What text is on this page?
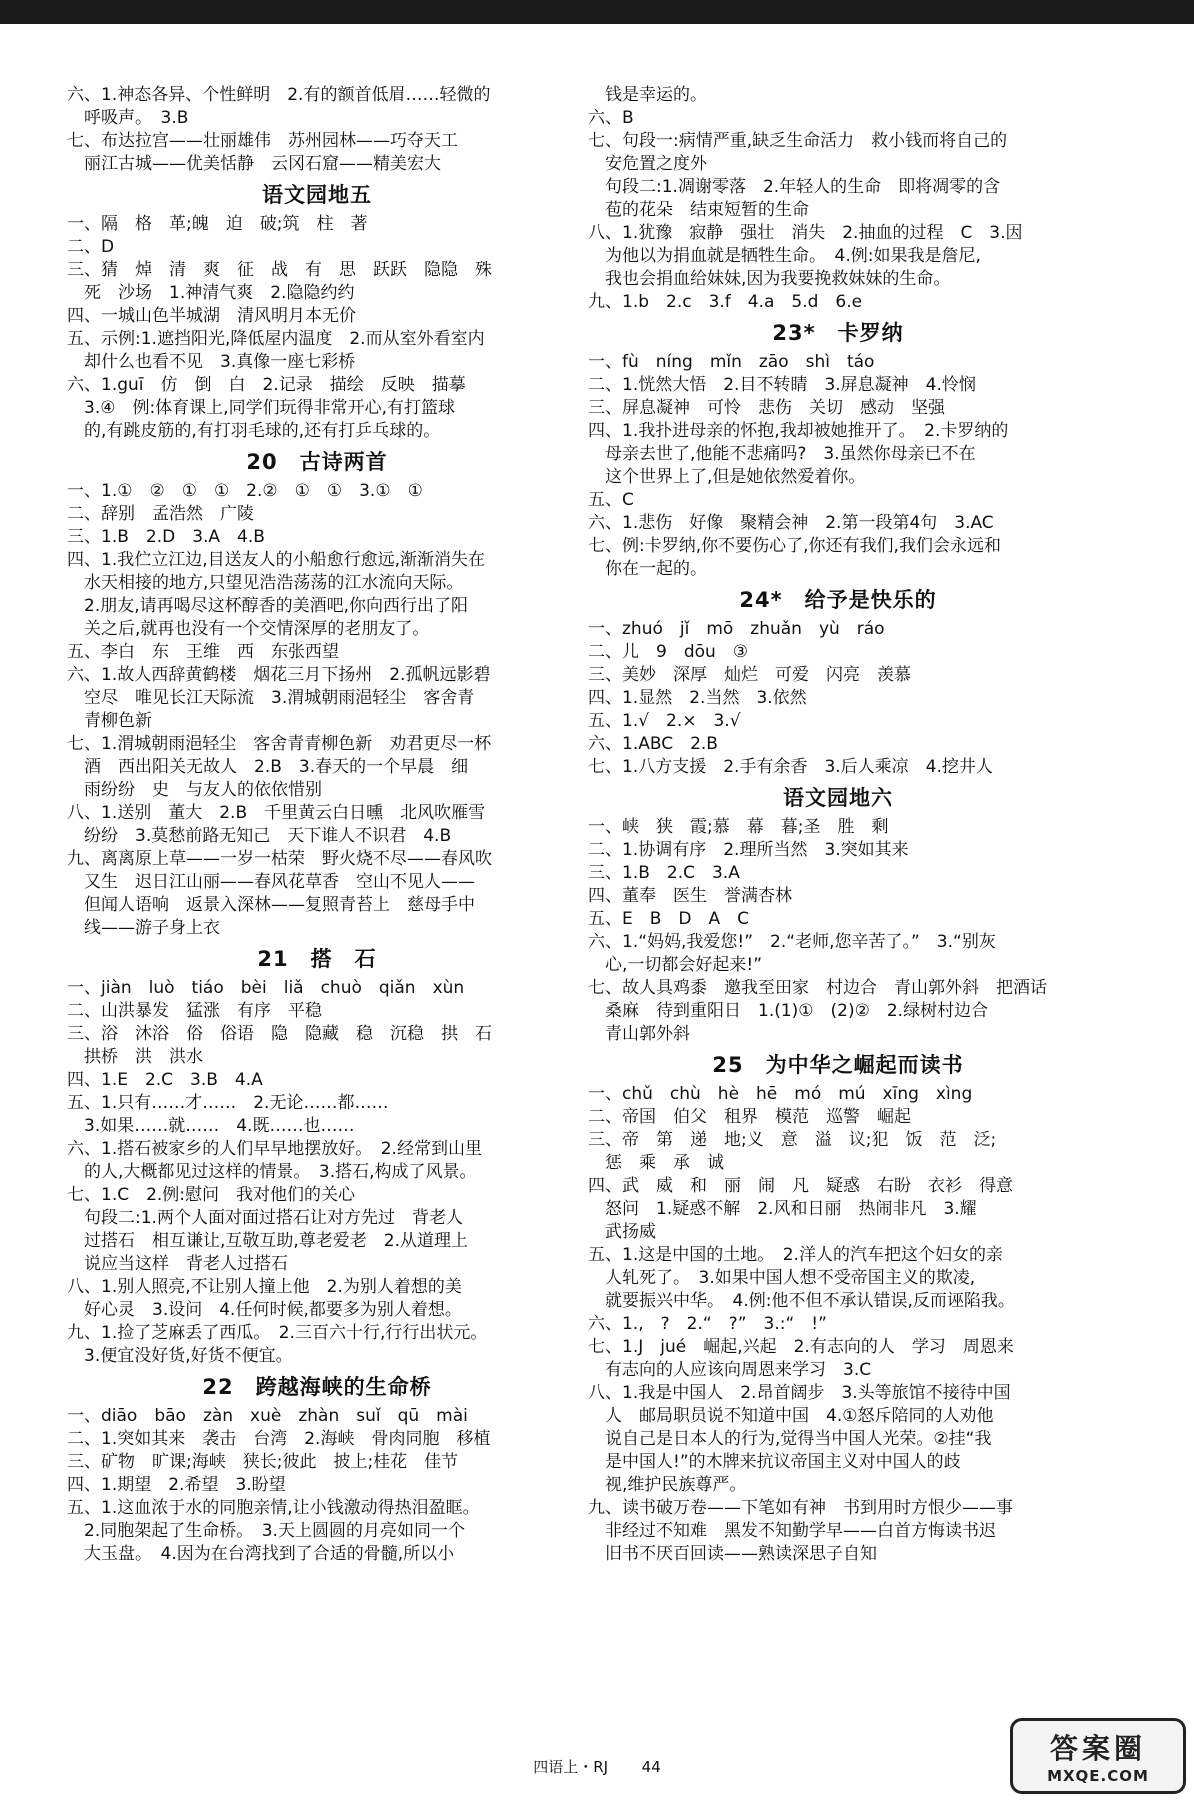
六、1.神态各异、个性鲜明　2.有的额首低眉……轻微的
　呼吸声。　3.B
七、布达拉宫——壮丽雄伟　苏州园林——巧夺天工
　丽江古城——优美恬静　云冈石窟——精美宏大
语文园地五
一、隔　格　革;魄　迫　破;筑　柱　著
二、D
三、猜　焯　清　爽　征　战　有　思　跃跃　隐隐　殊
　死　沙场　1.神清气爽　2.隐隐约约
四、一城山色半城湖　清风明月本无价
五、示例:1.遮挡阳光,降低屋内温度　2.而从室外看室内
　却什么也看不见　3.真像一座七彩桥
六、1.guī　仿　倒　白　2.记录　描绘　反映　描摹
　3.④　例:体育课上,同学们玩得非常开心,有打篮球
　的,有跳皮筋的,有打羽毛球的,还有打乒乓球的。
20　古诗两首
一、1.①　②　①　①　2.②　①　①　3.①　①
二、辞别　孟浩然　广陵
三、1.B　2.D　3.A　4.B
四、1.我伫立江边,目送友人的小船愈行愈远,渐渐消失在
　水天相接的地方,只望见浩浩荡荡的江水流向天际。
　2.朋友,请再喝尽这杯醇香的美酒吧,你向西行出了阳
　关之后,就再也没有一个交情深厚的老朋友了。
五、李白　东　王维　西　东张西望
六、1.故人西辞黄鹤楼　烟花三月下扬州　2.孤帆远影碧
　空尽　唯见长江天际流　3.渭城朝雨浥轻尘　客舍青
　青柳色新
七、1.渭城朝雨浥轻尘　客舍青青柳色新　劝君更尽一杯
　酒　西出阳关无故人　2.B　3.春天的一个早晨　细
　雨纷纷　史　与友人的依依惜别
八、1.送别　董大　2.B　千里黄云白日曛　北风吹雁雪
　纷纷　3.莫愁前路无知己　天下谁人不识君　4.B
九、离离原上草——一岁一枯荣　野火烧不尽——春风吹
　又生　迟日江山丽——春风花草香　空山不见人——
　但闻人语响　返景入深林——复照青苔上　慈母手中
　线——游子身上衣
21　搭　石
一、jiàn　luò　tiáo　bèi　liǎ　chuò　qiǎn　xùn
二、山洪暴发　猛涨　有序　平稳
三、浴　沐浴　俗　俗语　隐　隐藏　稳　沉稳　拱　石
　拱桥　洪　洪水
四、1.E　2.C　3.B　4.A
五、1.只有……才……　2.无论……都……
　3.如果……就……　4.既……也……
六、1.搭石被家乡的人们早早地摆放好。　2.经常到山里
　的人,大概都见过这样的情景。　3.搭石,构成了风景。
七、1.C　2.例:慰问　我对他们的关心
　句段二:1.两个人面对面过搭石让对方先过　背老人
　过搭石　相互谦让,互敬互助,尊老爱老　2.从道理上
　说应当这样　背老人过搭石
八、1.别人照亮,不让别人撞上他　2.为别人着想的美
　好心灵　3.设问　4.任何时候,都要多为别人着想。
九、1.捡了芝麻丢了西瓜。　2.三百六十行,行行出状元。
　3.便宜没好货,好货不便宜。
22　跨越海峡的生命桥
一、diāo　bāo　zàn　xuè　zhàn　suǐ　qū　mài
二、1.突如其来　袭击　台湾　2.海峡　骨肉同胞　移植
三、矿物　旷课;海峡　狭长;彼此　披上;桂花　佳节
四、1.期望　2.希望　3.盼望
五、1.这血浓于水的同胞亲情,让小钱激动得热泪盈眶。
　2.同胞架起了生命桥。　3.天上圆圆的月亮如同一个
　大玉盘。　4.因为在台湾找到了合适的骨髓,所以小
　钱是幸运的。
六、B
七、句段一:病情严重,缺乏生命活力　救小钱而将自己的
　安危置之度外
　句段二:1.凋谢零落　2.年轻人的生命　即将凋零的含
　苞的花朵　结束短暂的生命
八、1.犹豫　寂静　强壮　消失　2.抽血的过程　C　3.因
　为他以为捐血就是牺牲生命。　4.例:如果我是詹尼,
　我也会捐血给妹妹,因为我要挽救妹妹的生命。
九、1.b　2.c　3.f　4.a　5.d　6.e
23*　卡罗纳
一、fù　níng　mǐn　zāo　shì　táo
二、1.恍然大悟　2.目不转睛　3.屏息凝神　4.怜悯
三、屏息凝神　可怜　悲伤　关切　感动　坚强
四、1.我扑进母亲的怀抱,我却被她推开了。　2.卡罗纳的
　母亲去世了,他能不悲痛吗?　3.虽然你母亲已不在
　这个世界上了,但是她依然爱着你。
五、C
六、1.悲伤　好像　聚精会神　2.第一段第4句　3.AC
七、例:卡罗纳,你不要伤心了,你还有我们,我们会永远和
　你在一起的。
24*　给予是快乐的
一、zhuó　jǐ　mō　zhuǎn　yù　ráo
二、儿　9　dōu　③
三、美妙　深厚　灿烂　可爱　闪亮　羡慕
四、1.显然　2.当然　3.依然
五、1.√　2.×　3.√
六、1.ABC　2.B
七、1.八方支援　2.手有余香　3.后人乘凉　4.挖井人
语文园地六
一、峡　狭　霞;慕　幕　暮;圣　胜　剩
二、1.协调有序　2.理所当然　3.突如其来
三、1.B　2.C　3.A
四、董奉　医生　誉满杏林
五、E　B　D　A　C
六、1.“妈妈,我爱您!”　2.“老师,您辛苦了。”　3.“别灰
　心,一切都会好起来!”
七、故人具鸡黍　邀我至田家　村边合　青山郭外斜　把酒话
　桑麻　待到重阳日　1.(1)①　(2)②　2.绿树村边合
　青山郭外斜
25　为中华之崛起而读书
一、chǔ　chù　hè　hē　mó　mú　xīng　xìng
二、帝国　伯父　租界　模范　巡警　崛起
三、帝　第　递　地;义　意　溢　议;犯　饭　范　泛;
　惩　乘　承　诚
四、武　威　和　丽　闹　凡　疑惑　右盼　衣衫　得意
　怒问　1.疑惑不解　2.风和日丽　热闹非凡　3.耀
　武扬威
五、1.这是中国的土地。　2.洋人的汽车把这个妇女的亲
　人轧死了。　3.如果中国人想不受帝国主义的欺凌,
　就要振兴中华。　4.例:他不但不承认错误,反而诬陷我。
六、1.,　?　2.“　?”　3.:“　!”
七、1.J　jué　崛起,兴起　2.有志向的人　学习　周恩来
　有志向的人应该向周恩来学习　3.C
八、1.我是中国人　2.昂首阔步　3.头等旅馆不接待中国
　人　邮局职员说不知道中国　4.①怒斥陪同的人劝他
　说自己是日本人的行为,觉得当中国人光荣。②挂“我
　是中国人!”的木牌来抗议帝国主义对中国人的歧
　视,维护民族尊严。
九、读书破万卷——下笔如有神　书到用时方恨少——事
　非经过不知难　黑发不知勤学早——白首方悔读书迟
　旧书不厌百回读——熟读深思子自知
四语上・RJ 44
答案圈
MXQE.COM
